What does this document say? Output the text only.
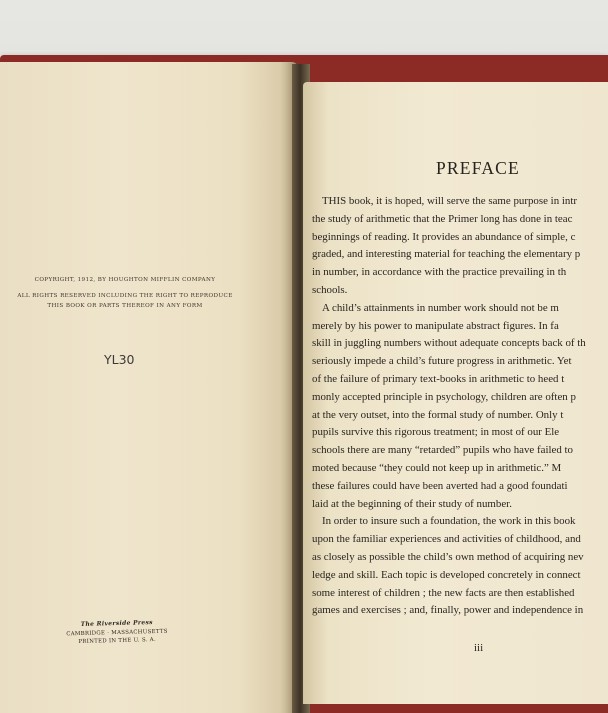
COPYRIGHT, 1912, BY HOUGHTON MIFFLIN COMPANY
ALL RIGHTS RESERVED INCLUDING THE RIGHT TO REPRODUCE
THIS BOOK OR PARTS THEREOF IN ANY FORM
YL30
The Riverside Press
CAMBRIDGE · MASSACHUSETTS
PRINTED IN THE U. S. A.
PREFACE
THIS book, it is hoped, will serve the same purpose in intr
the study of arithmetic that the Primer long has done in teac
beginnings of reading. It provides an abundance of simple, c
graded, and interesting material for teaching the elementary p
in number, in accordance with the practice prevailing in th
schools.
A child’s attainments in number work should not be m
merely by his power to manipulate abstract figures. In fa
skill in juggling numbers without adequate concepts back of th
seriously impede a child’s future progress in arithmetic. Yet
of the failure of primary text-books in arithmetic to heed t
monly accepted principle in psychology, children are often p
at the very outset, into the formal study of number. Only t
pupils survive this rigorous treatment; in most of our Ele
schools there are many “retarded” pupils who have failed to
moted because “they could not keep up in arithmetic.” M
these failures could have been averted had a good foundati
laid at the beginning of their study of number.
In order to insure such a foundation, the work in this book
upon the familiar experiences and activities of childhood, and
as closely as possible the child’s own method of acquiring nev
ledge and skill. Each topic is developed concretely in connect
some interest of children ; the new facts are then established
games and exercises ; and, finally, power and independence in
iii
